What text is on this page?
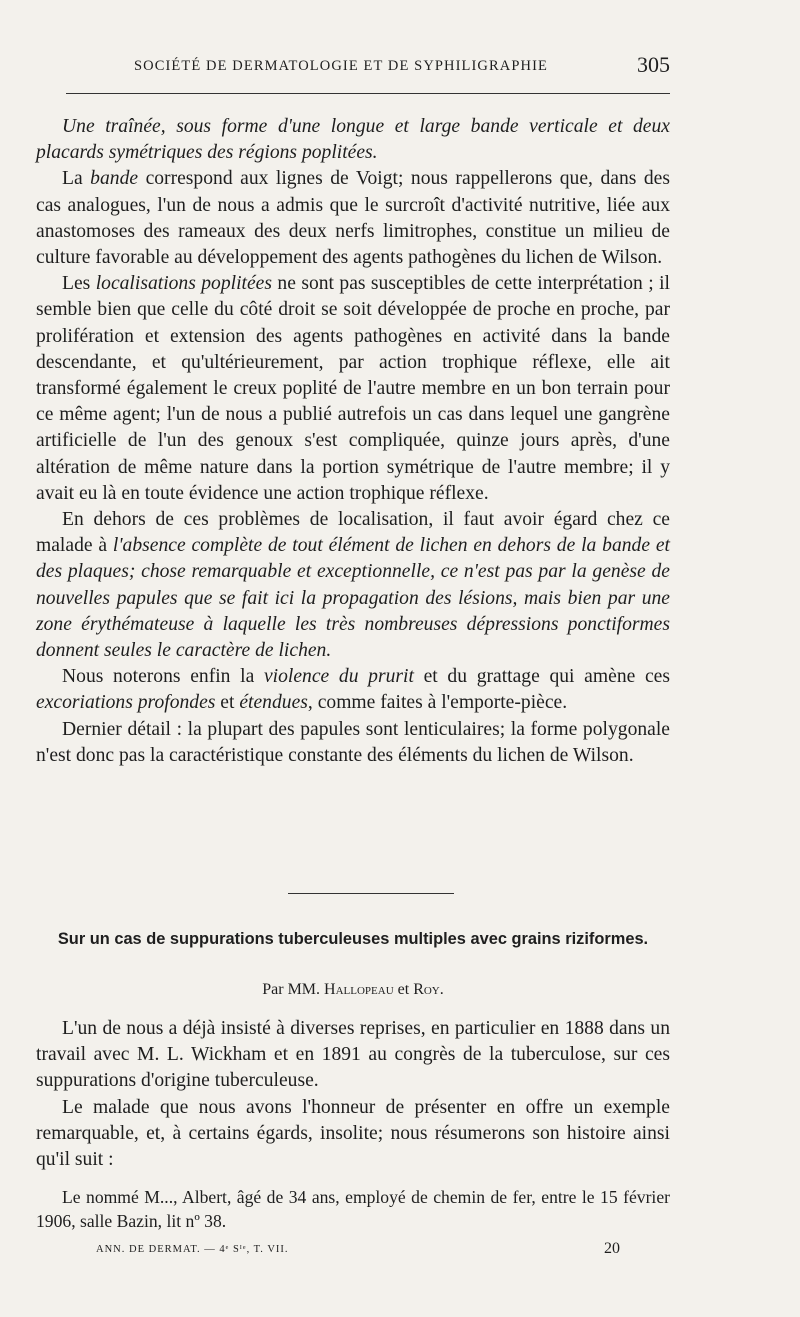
SOCIÉTÉ DE DERMATOLOGIE ET DE SYPHILIGRAPHIE	305

Une traînée, sous forme d'une longue et large bande verticale et deux placards symétriques des régions poplitées.

La bande correspond aux lignes de Voigt; nous rappellerons que, dans des cas analogues, l'un de nous a admis que le surcroît d'activité nutritive, liée aux anastomoses des rameaux des deux nerfs limitrophes, constitue un milieu de culture favorable au développement des agents pathogènes du lichen de Wilson.

Les localisations poplitées ne sont pas susceptibles de cette interprétation ; il semble bien que celle du côté droit se soit développée de proche en proche, par prolifération et extension des agents pathogènes en activité dans la bande descendante, et qu'ultérieurement, par action trophique réflexe, elle ait transformé également le creux poplité de l'autre membre en un bon terrain pour ce même agent; l'un de nous a publié autrefois un cas dans lequel une gangrène artificielle de l'un des genoux s'est compliquée, quinze jours après, d'une altération de même nature dans la portion symétrique de l'autre membre; il y avait eu là en toute évidence une action trophique réflexe.

En dehors de ces problèmes de localisation, il faut avoir égard chez ce malade à l'absence complète de tout élément de lichen en dehors de la bande et des plaques; chose remarquable et exceptionnelle, ce n'est pas par la genèse de nouvelles papules que se fait ici la propagation des lésions, mais bien par une zone érythémateuse à laquelle les très nombreuses dépressions ponctiformes donnent seules le caractère de lichen.

Nous noterons enfin la violence du prurit et du grattage qui amène ces excoriations profondes et étendues, comme faites à l'emporte-pièce.

Dernier détail : la plupart des papules sont lenticulaires; la forme polygonale n'est donc pas la caractéristique constante des éléments du lichen de Wilson.

Sur un cas de suppurations tuberculeuses multiples avec grains riziformes.
Par MM. Hallopeau et Roy.

L'un de nous a déjà insisté à diverses reprises, en particulier en 1888 dans un travail avec M. L. Wickham et en 1891 au congrès de la tuberculose, sur ces suppurations d'origine tuberculeuse.

Le malade que nous avons l'honneur de présenter en offre un exemple remarquable, et, à certains égards, insolite; nous résumerons son histoire ainsi qu'il suit :

Le nommé M..., Albert, âgé de 34 ans, employé de chemin de fer, entre le 15 février 1906, salle Bazin, lit nº 38.

ANN. DE DERMAT. — 4ᵉ Sᴵᵉ, T. VII.	20
